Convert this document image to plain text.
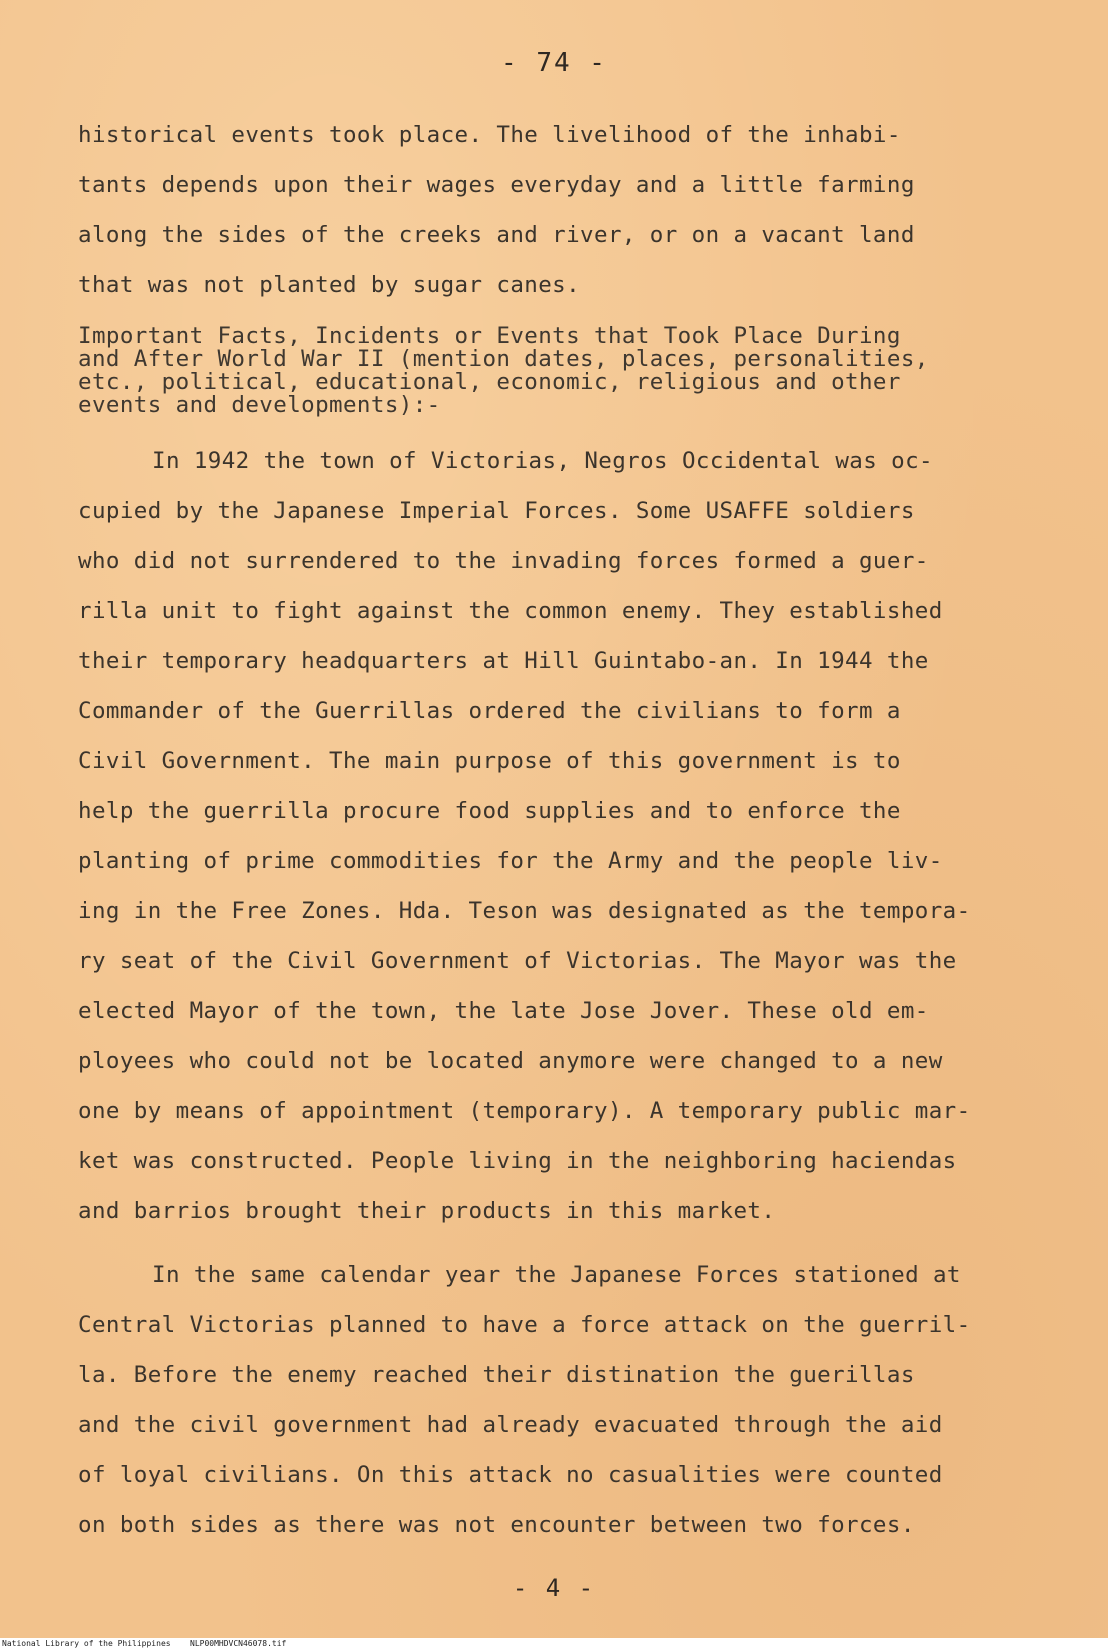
- 74 -
historical events took place. The livelihood of the inhabi-
tants depends upon their wages everyday and a little farming
along the sides of the creeks and river, or on a vacant land
that was not planted by sugar canes.
Important Facts, Incidents or Events that Took Place During
and After World War II (mention dates, places, personalities,
etc., political, educational, economic, religious and other
events and developments):-
In 1942 the town of Victorias, Negros Occidental was oc-
cupied by the Japanese Imperial Forces. Some USAFFE soldiers
who did not surrendered to the invading forces formed a guer-
rilla unit to fight against the common enemy. They established
their temporary headquarters at Hill Guintabo-an. In 1944 the
Commander of the Guerrillas ordered the civilians to form a
Civil Government. The main purpose of this government is to
help the guerrilla procure food supplies and to enforce the
planting of prime commodities for the Army and the people liv-
ing in the Free Zones. Hda. Teson was designated as the tempora-
ry seat of the Civil Government of Victorias. The Mayor was the
elected Mayor of the town, the late Jose Jover. These old em-
ployees who could not be located anymore were changed to a new
one by means of appointment (temporary). A temporary public mar-
ket was constructed. People living in the neighboring haciendas
and barrios brought their products in this market.
In the same calendar year the Japanese Forces stationed at
Central Victorias planned to have a force attack on the guerril-
la. Before the enemy reached their distination the guerillas
and the civil government had already evacuated through the aid
of loyal civilians. On this attack no casualities were counted
on both sides as there was not encounter between two forces.
- 4 -
National Library of the Philippines NLP00MHDVCN46078.tif
